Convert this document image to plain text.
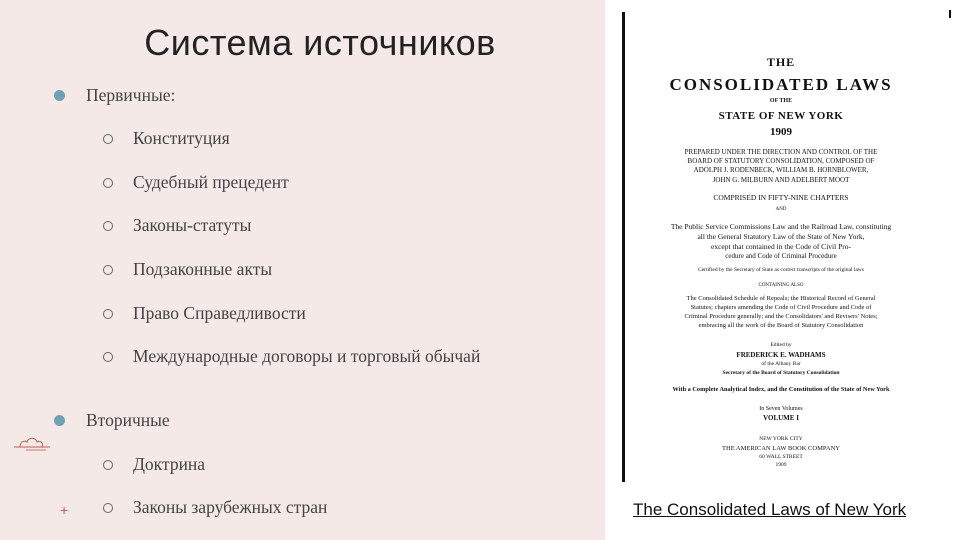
Система источников
Первичные:
Конституция
Судебный прецедент
Законы-статуты
Подзаконные акты
Право Справедливости
Международные договоры и торговый обычай
Вторичные
Доктрина
Законы зарубежных стран
+
THE
CONSOLIDATED LAWS
OF THE
STATE OF NEW YORK
1909
PREPARED UNDER THE DIRECTION AND CONTROL OF THE
BOARD OF STATUTORY CONSOLIDATION, COMPOSED OF
ADOLPH J. RODENBECK, WILLIAM B. HORNBLOWER,
JOHN G. MILBURN AND ADELBERT MOOT
COMPRISED IN FIFTY-NINE CHAPTERS
AND
The Public Service Commissions Law and the Railroad Law, constituting
all the General Statutory Law of the State of New York,
except that contained in the Code of Civil Pro-
cedure and Code of Criminal Procedure
Certified by the Secretary of State as correct transcripts of the original laws
CONTAINING ALSO
The Consolidated Schedule of Repeals; the Historical Record of General
Statutes; chapters amending the Code of Civil Procedure and Code of
Criminal Procedure generally; and the Consolidators' and Revisers' Notes;
embracing all the work of the Board of Statutory Consolidation
Edited by
FREDERICK E. WADHAMS
of the Albany Bar
Secretary of the Board of Statutory Consolidation
With a Complete Analytical Index, and the Constitution of the State of New York
In Seven Volumes
VOLUME I
NEW YORK CITY
THE AMERICAN LAW BOOK COMPANY
60 WALL STREET
1909
The Consolidated Laws of New York
